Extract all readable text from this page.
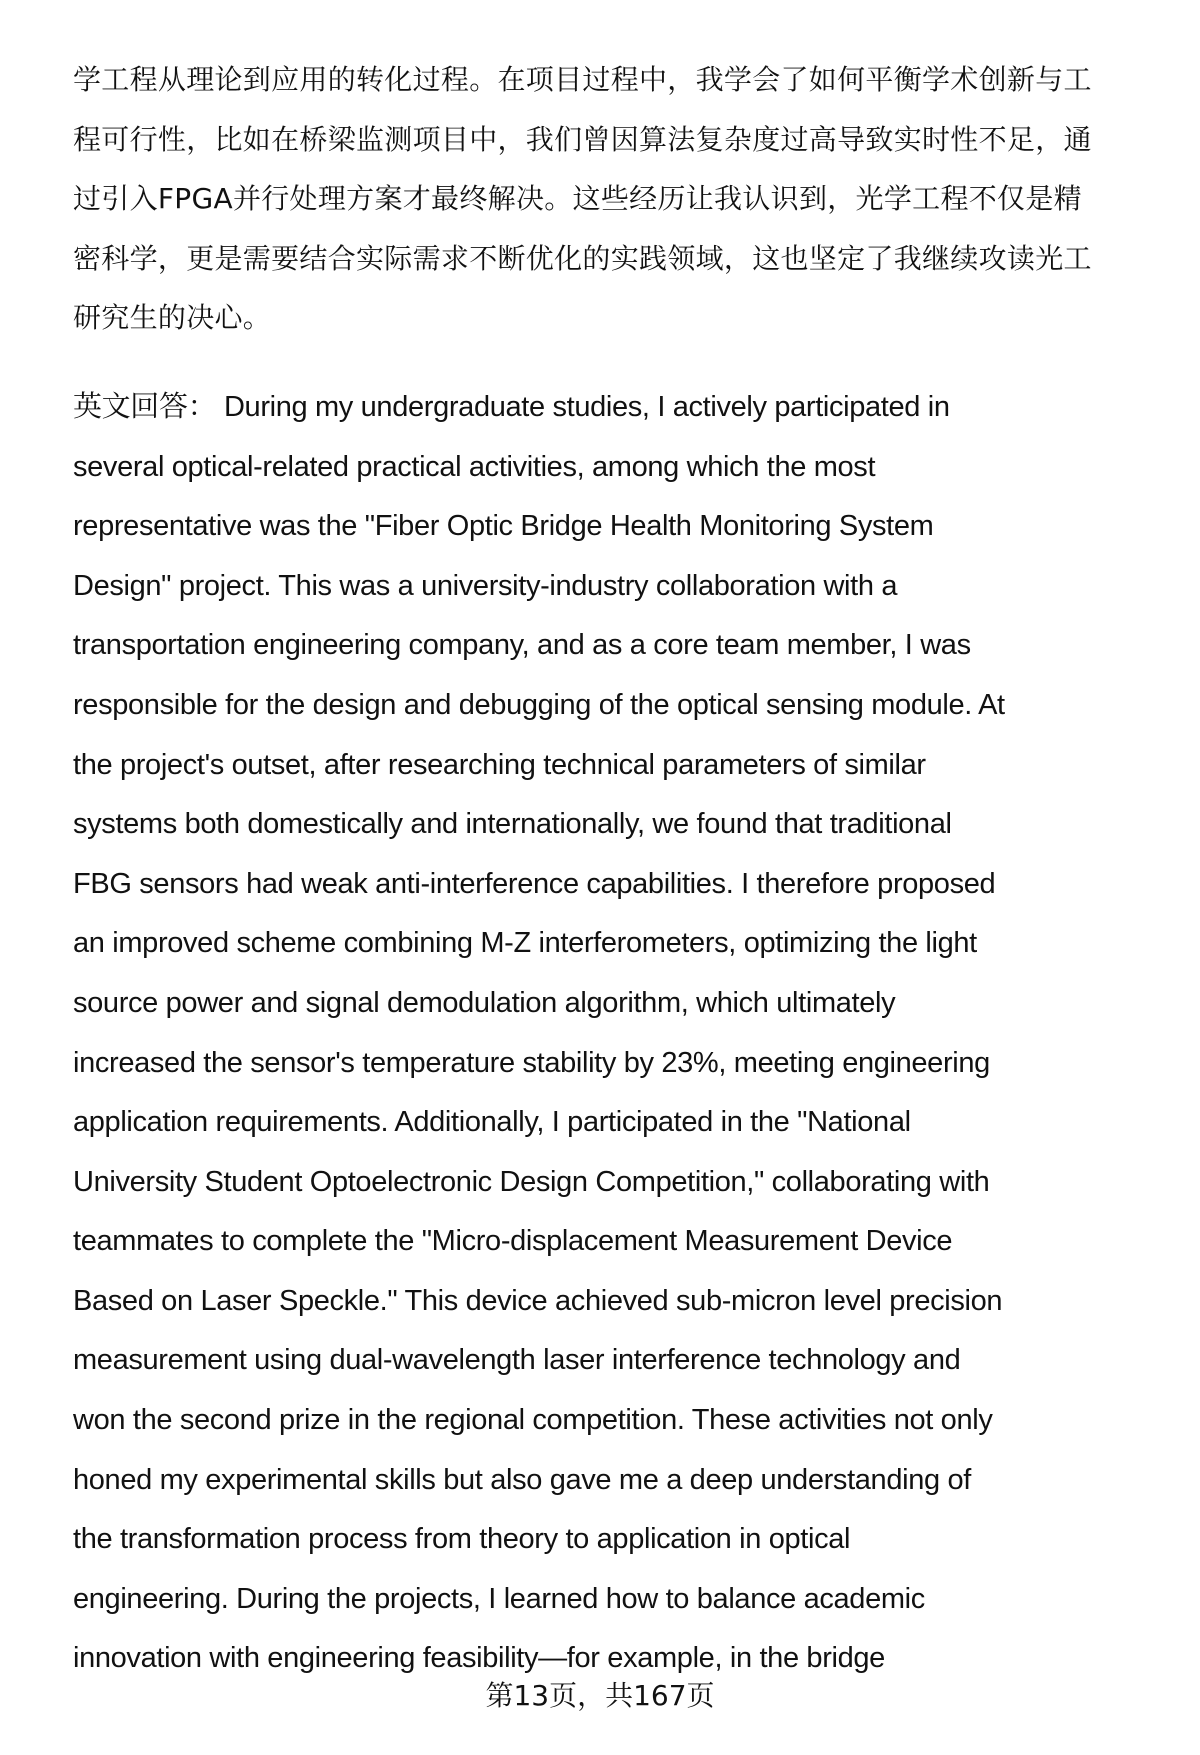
学工程从理论到应用的转化过程。在项目过程中，我学会了如何平衡学术创新与工
程可行性，比如在桥梁监测项目中，我们曾因算法复杂度过高导致实时性不足，通
过引入FPGA并行处理方案才最终解决。这些经历让我认识到，光学工程不仅是精
密科学，更是需要结合实际需求不断优化的实践领域，这也坚定了我继续攻读光工
研究生的决心。
英文回答： During my undergraduate studies, I actively participated in
several optical-related practical activities, among which the most
representative was the "Fiber Optic Bridge Health Monitoring System
Design" project. This was a university-industry collaboration with a
transportation engineering company, and as a core team member, I was
responsible for the design and debugging of the optical sensing module. At
the project's outset, after researching technical parameters of similar
systems both domestically and internationally, we found that traditional
FBG sensors had weak anti-interference capabilities. I therefore proposed
an improved scheme combining M-Z interferometers, optimizing the light
source power and signal demodulation algorithm, which ultimately
increased the sensor's temperature stability by 23%, meeting engineering
application requirements. Additionally, I participated in the "National
University Student Optoelectronic Design Competition," collaborating with
teammates to complete the "Micro-displacement Measurement Device
Based on Laser Speckle." This device achieved sub-micron level precision
measurement using dual-wavelength laser interference technology and
won the second prize in the regional competition. These activities not only
honed my experimental skills but also gave me a deep understanding of
the transformation process from theory to application in optical
engineering. During the projects, I learned how to balance academic
innovation with engineering feasibility—for example, in the bridge
第13页，共167页
